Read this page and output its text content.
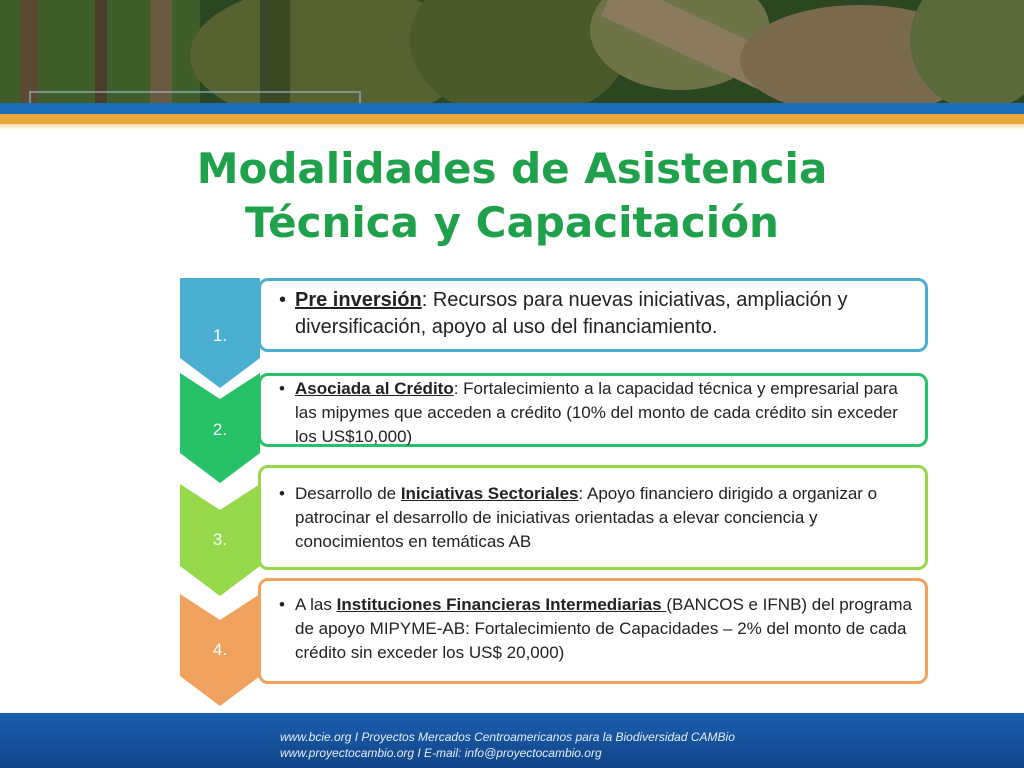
Modalidades de Asistencia
Técnica y Capacitación
1.
• Pre inversión: Recursos para nuevas iniciativas, ampliación y diversificación, apoyo al uso del financiamiento.
2.
• Asociada al Crédito: Fortalecimiento a la capacidad técnica y empresarial para las mipymes que acceden a crédito (10% del monto de cada crédito sin exceder los US$10,000)
3.
• Desarrollo de Iniciativas Sectoriales: Apoyo financiero dirigido a organizar o patrocinar el desarrollo de iniciativas orientadas a elevar conciencia y conocimientos en temáticas AB
4.
• A las Instituciones Financieras Intermediarias (BANCOS e IFNB) del programa de apoyo MIPYME-AB: Fortalecimiento de Capacidades – 2% del monto de cada crédito sin exceder los US$ 20,000)
www.bcie.org I Proyectos Mercados Centroamericanos para la Biodiversidad CAMBio
www.proyectocambio.org I E-mail: info@proyectocambio.org
